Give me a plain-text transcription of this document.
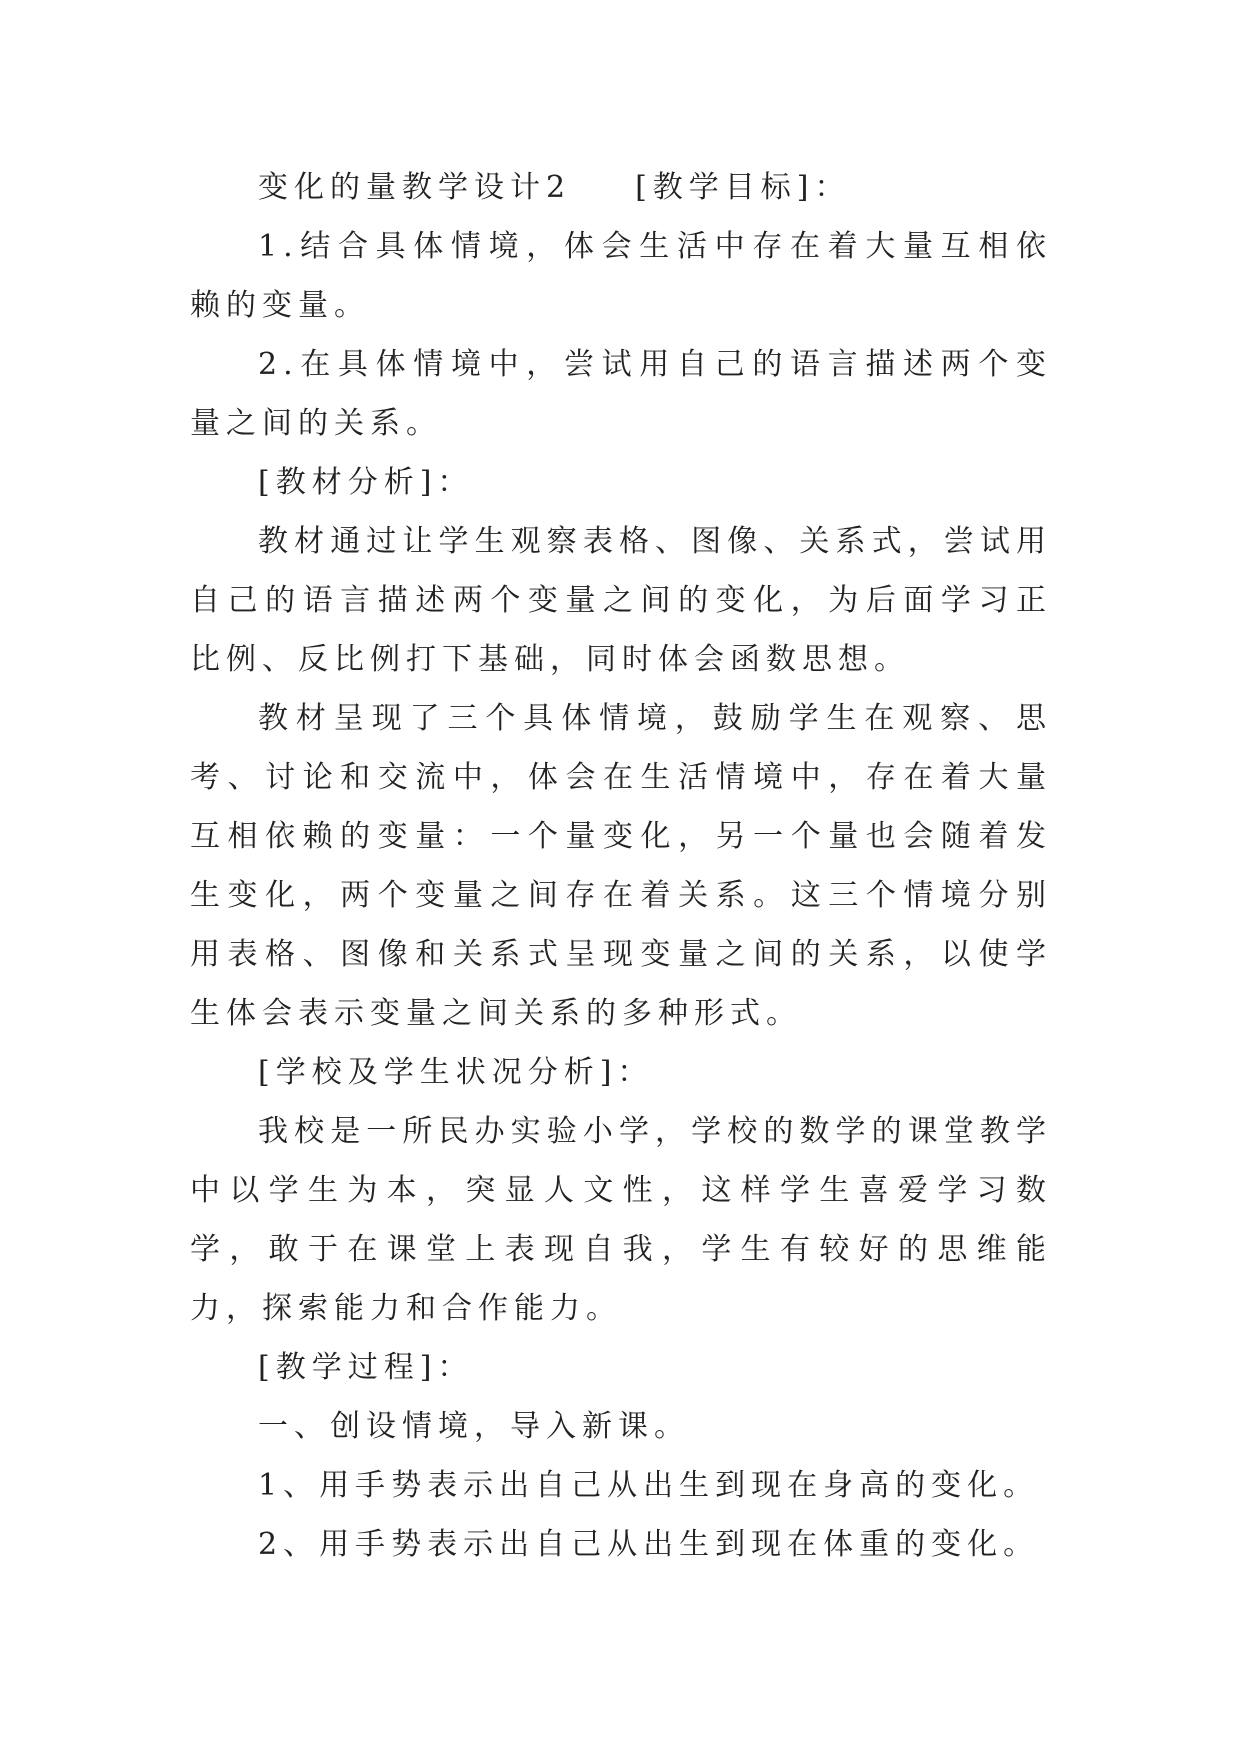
变化的量教学设计2 [教学目标]：

1.结合具体情境，体会生活中存在着大量互相依赖的变量。

2.在具体情境中，尝试用自己的语言描述两个变量之间的关系。

[教材分析]：

教材通过让学生观察表格、图像、关系式，尝试用自己的语言描述两个变量之间的变化，为后面学习正比例、反比例打下基础，同时体会函数思想。

教材呈现了三个具体情境，鼓励学生在观察、思考、讨论和交流中，体会在生活情境中，存在着大量互相依赖的变量：一个量变化，另一个量也会随着发生变化，两个变量之间存在着关系。这三个情境分别用表格、图像和关系式呈现变量之间的关系，以使学生体会表示变量之间关系的多种形式。

[学校及学生状况分析]：

我校是一所民办实验小学，学校的数学的课堂教学中以学生为本，突显人文性，这样学生喜爱学习数学，敢于在课堂上表现自我，学生有较好的思维能力，探索能力和合作能力。

[教学过程]：

一、创设情境，导入新课。

1、用手势表示出自己从出生到现在身高的变化。

2、用手势表示出自己从出生到现在体重的变化。
